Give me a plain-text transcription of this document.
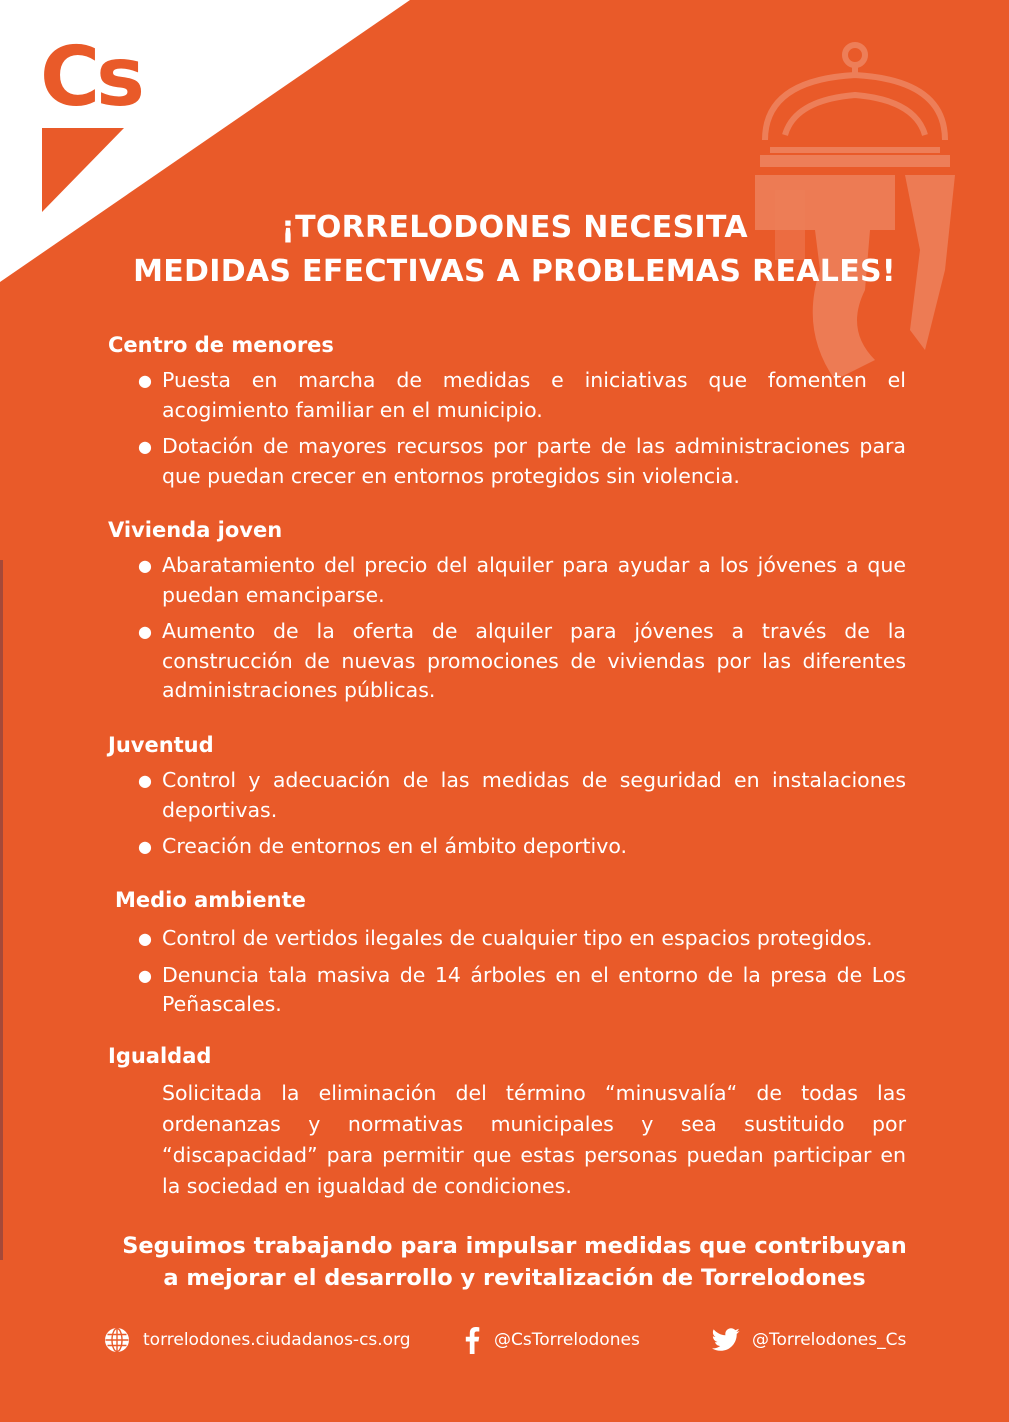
Cs
¡TORRELODONES NECESITA
MEDIDAS EFECTIVAS A PROBLEMAS REALES!
Centro de menores
● Puesta en marcha de medidas e iniciativas que fomenten el acogimiento familiar en el municipio.
● Dotación de mayores recursos por parte de las administraciones para que puedan crecer en entornos protegidos sin violencia.
Vivienda joven
● Abaratamiento del precio del alquiler para ayudar a los jóvenes a que puedan emanciparse.
● Aumento de la oferta de alquiler para jóvenes a través de la construcción de nuevas promociones de viviendas por las diferentes administraciones públicas.
Juventud
● Control y adecuación de las medidas de seguridad en instalaciones deportivas.
● Creación de entornos en el ámbito deportivo.
Medio ambiente
● Control de vertidos ilegales de cualquier tipo en espacios protegidos.
● Denuncia tala masiva de 14 árboles en el entorno de la presa de Los Peñascales.
Igualdad
Solicitada la eliminación del término “minusvalía“ de todas las ordenanzas y normativas municipales y sea sustituido por “discapacidad” para permitir que estas personas puedan participar en la sociedad en igualdad de condiciones.
Seguimos trabajando para impulsar medidas que contribuyan
a mejorar el desarrollo y revitalización de Torrelodones
torrelodones.ciudadanos-cs.org	@CsTorrelodones	@Torrelodones_Cs
